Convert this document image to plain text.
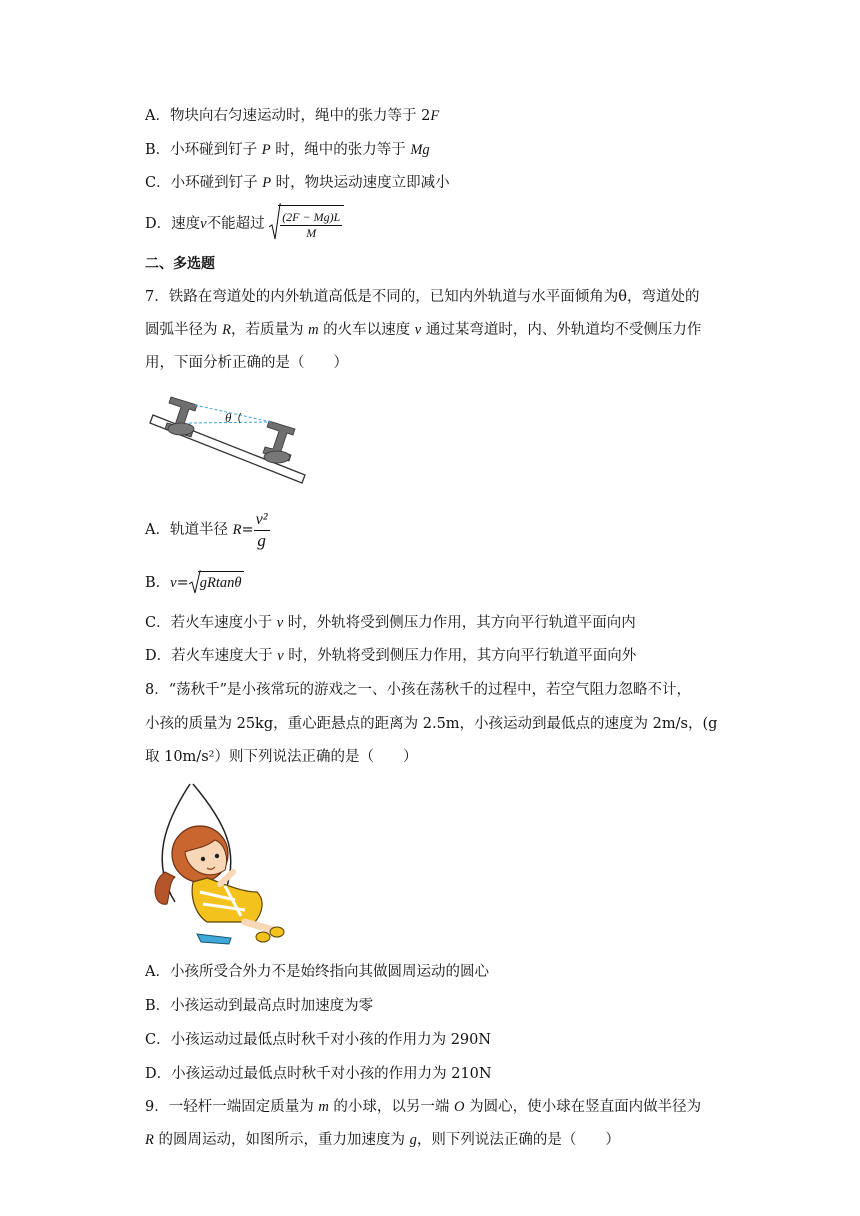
A．物块向右匀速运动时，绳中的张力等于 2F
B．小环碰到钉子 P 时，绳中的张力等于 Mg
C．小环碰到钉子 P 时，物块运动速度立即减小
D．速度v不能超过 $\frac{(2F - Mg)L}{M}$
二、多选题
7．铁路在弯道处的内外轨道高低是不同的，已知内外轨道与水平面倾角为θ，弯道处的
圆弧半径为 R，若质量为 m 的火车以速度 v 通过某弯道时，内、外轨道均不受侧压力作
用，下面分析正确的是（　　）
θ
A．轨道半径 $R= \frac{\text{v²}}{g}$
B．v= gRtanθ
C．若火车速度小于 v 时，外轨将受到侧压力作用，其方向平行轨道平面向内
D．若火车速度大于 v 时，外轨将受到侧压力作用，其方向平行轨道平面向外
8．“荡秋千”是小孩常玩的游戏之一、小孩在荡秋千的过程中，若空气阻力忽略不计，
小孩的质量为 25kg，重心距悬点的距离为 2.5m，小孩运动到最低点的速度为 2m/s，(g
取 10m/s²）则下列说法正确的是（　　）
A．小孩所受合外力不是始终指向其做圆周运动的圆心
B．小孩运动到最高点时加速度为零
C．小孩运动过最低点时秋千对小孩的作用力为 290N
D．小孩运动过最低点时秋千对小孩的作用力为 210N
9．一轻杆一端固定质量为 m 的小球，以另一端 O 为圆心，使小球在竖直面内做半径为
R 的圆周运动，如图所示，重力加速度为 g，则下列说法正确的是（　　）
